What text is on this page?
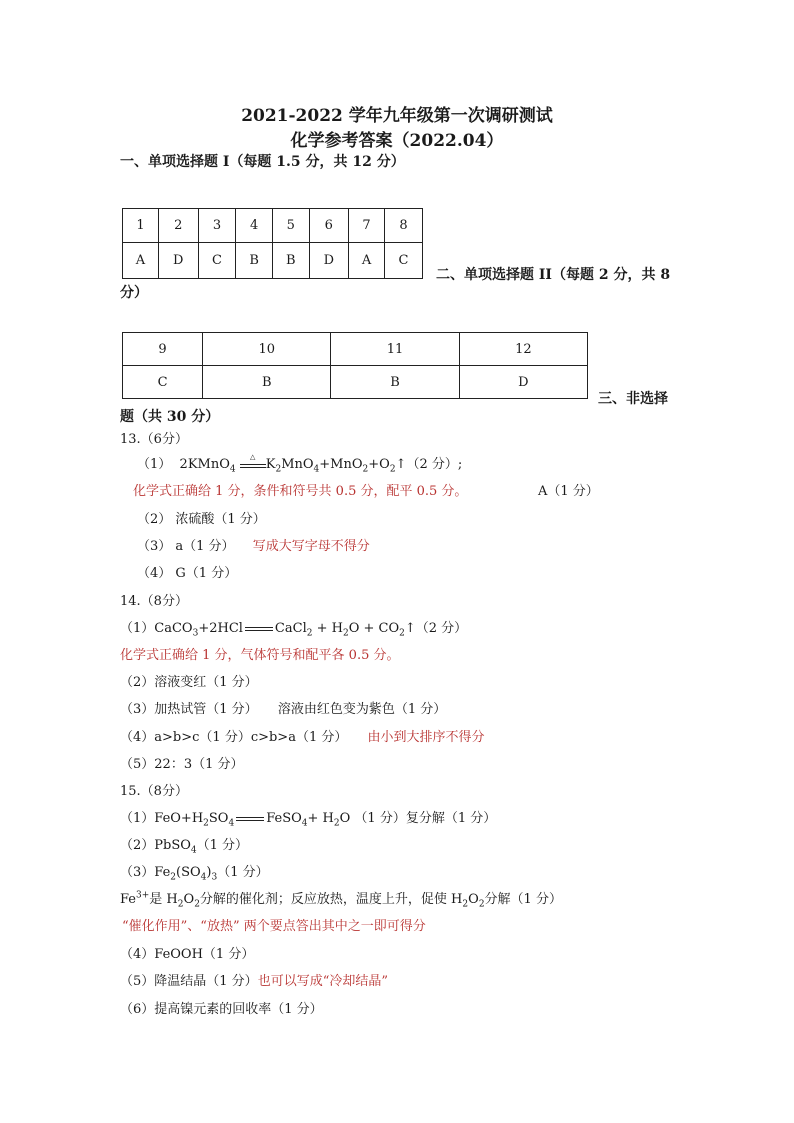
2021-2022 学年九年级第一次调研测试
化学参考答案（2022.04）
一、单项选择题 I（每题 1.5 分，共 12 分）
1	2	3	4	5	6	7	8
A	D	C	B	B	D	A	C
二、单项选择题 II（每题 2 分，共 8
分）
9	10	11	12
C	B	B	D
三、非选择
题（共 30 分）
13.（6分）
（1） 2KMnO$_4$
△ $K_2MnO_4+MnO_2+O_2↑(2$ 分）;
化学式正确给 1 分，条件和符号共 0.5 分，配平 0.5 分。	A（1 分）
（2） 浓硫酸（1 分）
（3） a（1 分） 写成大写字母不得分
（4） G（1 分）
14.（8分）
（1）CaCO$_3$+2HCl CaCl$_2$ + $H_2O$ + $CO_2↑(2$ 分）
化学式正确给 1 分，气体符号和配平各 0.5 分。
（2）溶液变红（1 分）
（3）加热试管（1 分） 溶液由红色变为紫色（1 分）
（4）a>b>c（1 分）c>b>a（1 分） 由小到大排序不得分
（5）22：3（1 分）
15.（8分）
$(1)FeO+H_2SO_4$ FeSO$_4$+ $H_2O$ （1 分）复分解（1 分）
（2）PbSO$_4$（1 分）
$(3)Fe_2(SO_4)_3(1$ 分）
$Fe^{3+}$是 $H_2O_2$分解的催化剂；反应放热，温度上升，促使 $H_2O_2$分解（1 分）
“催化作用”、“放热” 两个要点答出其中之一即可得分
（4）FeOOH（1 分）
（5）降温结晶（1 分）也可以写成“冷却结晶”
（6）提高镍元素的回收率（1 分）
